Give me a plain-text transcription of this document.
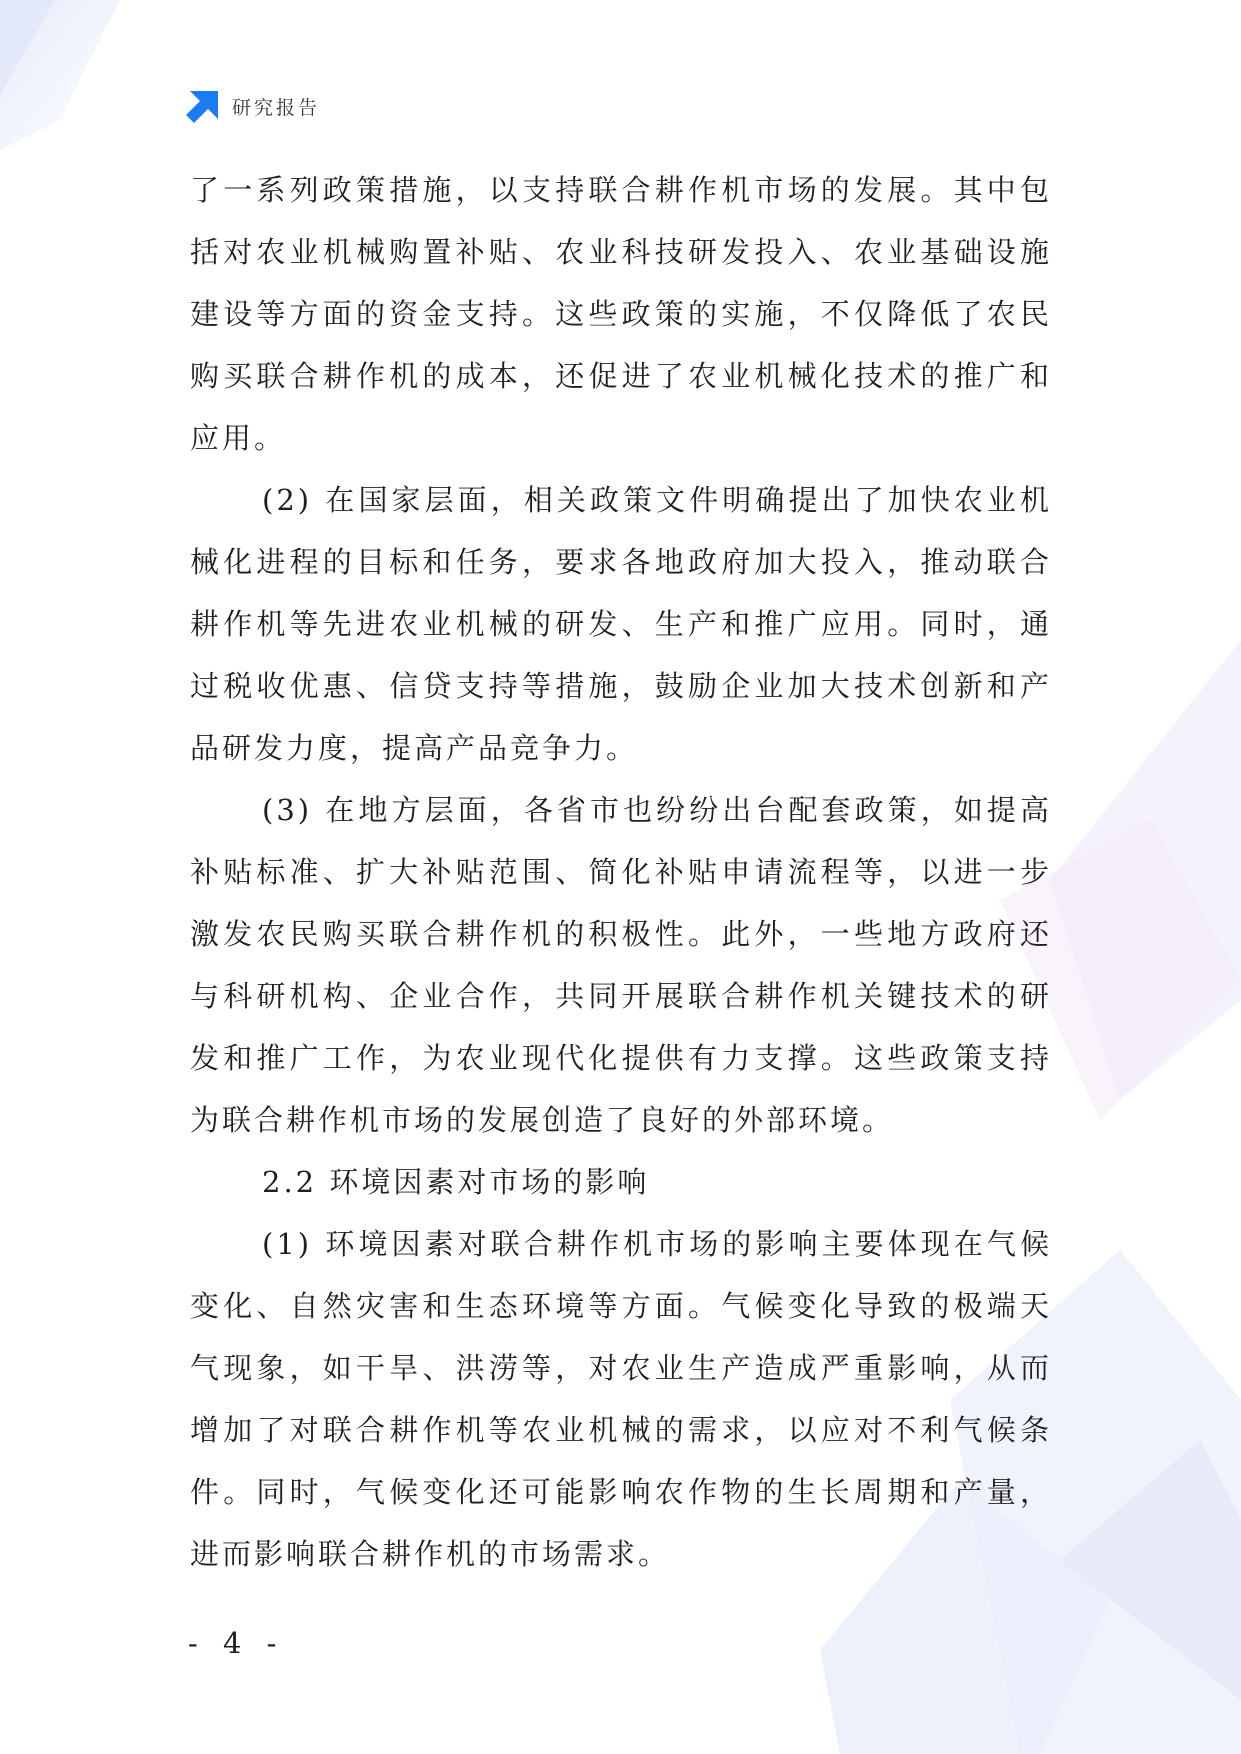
研究报告

了一系列政策措施，以支持联合耕作机市场的发展。其中包括对农业机械购置补贴、农业科技研发投入、农业基础设施建设等方面的资金支持。这些政策的实施，不仅降低了农民购买联合耕作机的成本，还促进了农业机械化技术的推广和应用。

(2) 在国家层面，相关政策文件明确提出了加快农业机械化进程的目标和任务，要求各地政府加大投入，推动联合耕作机等先进农业机械的研发、生产和推广应用。同时，通过税收优惠、信贷支持等措施，鼓励企业加大技术创新和产品研发力度，提高产品竞争力。

(3) 在地方层面，各省市也纷纷出台配套政策，如提高补贴标准、扩大补贴范围、简化补贴申请流程等，以进一步激发农民购买联合耕作机的积极性。此外，一些地方政府还与科研机构、企业合作，共同开展联合耕作机关键技术的研发和推广工作，为农业现代化提供有力支撑。这些政策支持为联合耕作机市场的发展创造了良好的外部环境。

2.2 环境因素对市场的影响

(1) 环境因素对联合耕作机市场的影响主要体现在气候变化、自然灾害和生态环境等方面。气候变化导致的极端天气现象，如干旱、洪涝等，对农业生产造成严重影响，从而增加了对联合耕作机等农业机械的需求，以应对不利气候条件。同时，气候变化还可能影响农作物的生长周期和产量，进而影响联合耕作机的市场需求。

- 4 -
